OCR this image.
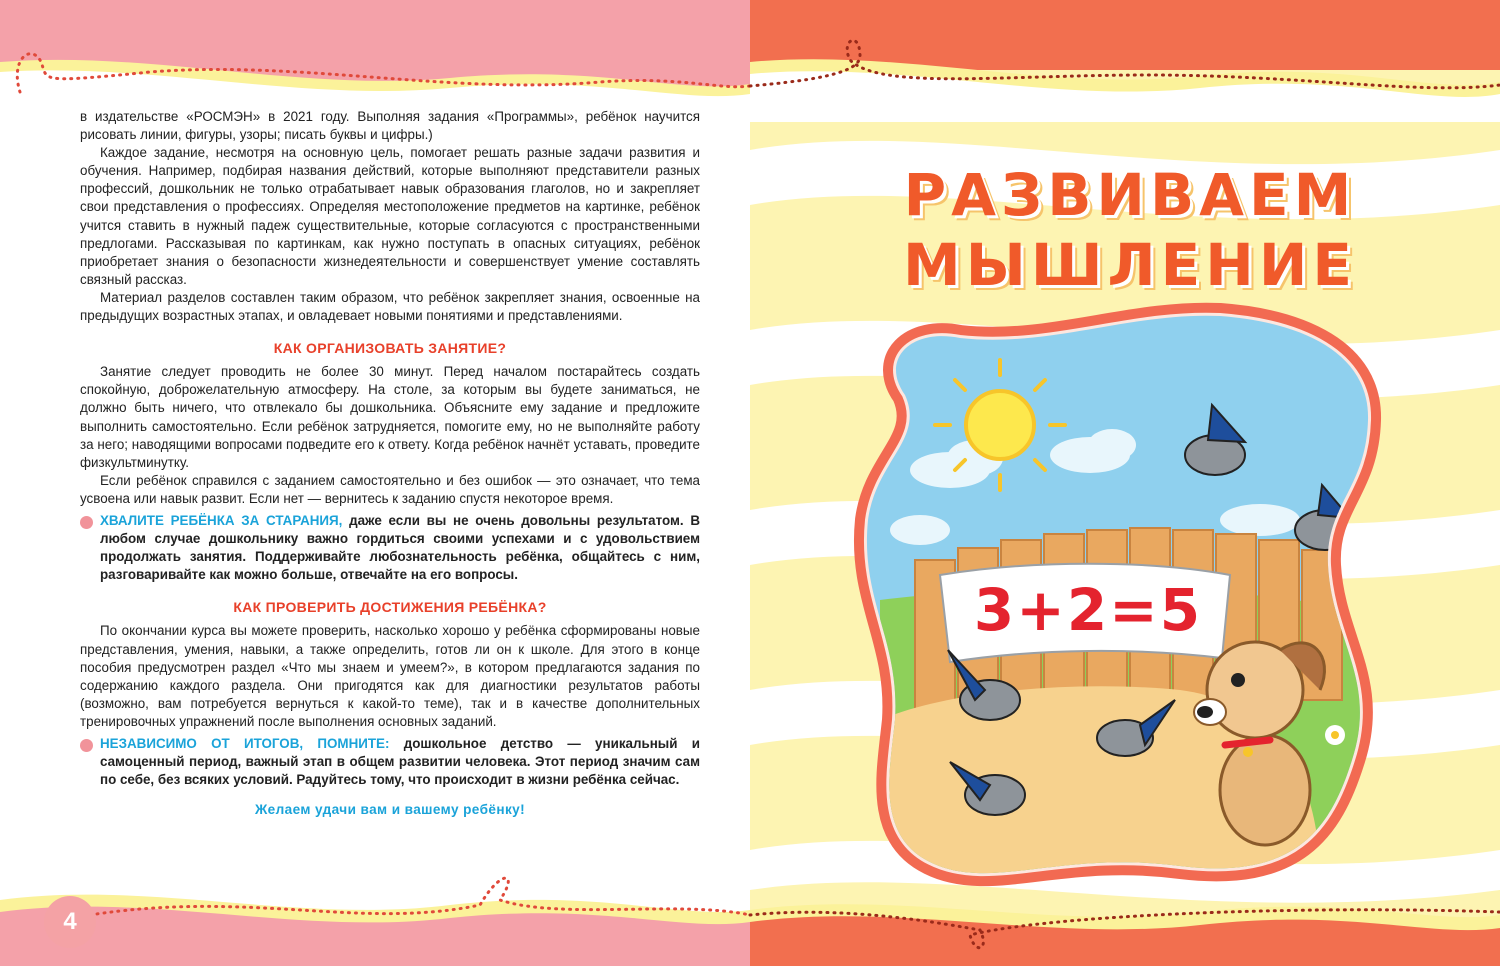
в издательстве «РОСМЭН» в 2021 году. Выполняя задания «Программы», ребёнок научится рисовать линии, фигуры, узоры; писать буквы и цифры.)

Каждое задание, несмотря на основную цель, помогает решать разные задачи развития и обучения. Например, подбирая названия действий, которые выполняют представители разных профессий, дошкольник не только отрабатывает навык образования глаголов, но и закрепляет свои представления о профессиях. Определяя местоположение предметов на картинке, ребёнок учится ставить в нужный падеж существительные, которые согласуются с пространственными предлогами. Рассказывая по картинкам, как нужно поступать в опасных ситуациях, ребёнок приобретает знания о безопасности жизнедеятельности и совершенствует умение составлять связный рассказ.

Материал разделов составлен таким образом, что ребёнок закрепляет знания, освоенные на предыдущих возрастных этапах, и овладевает новыми понятиями и представлениями.

КАК ОРГАНИЗОВАТЬ ЗАНЯТИЕ?

Занятие следует проводить не более 30 минут. Перед началом постарайтесь создать спокойную, доброжелательную атмосферу. На столе, за которым вы будете заниматься, не должно быть ничего, что отвлекало бы дошкольника. Объясните ему задание и предложите выполнить самостоятельно. Если ребёнок затрудняется, помогите ему, но не выполняйте работу за него; наводящими вопросами подведите его к ответу. Когда ребёнок начнёт уставать, проведите физкультминутку.

Если ребёнок справился с заданием самостоятельно и без ошибок — это означает, что тема усвоена или навык развит. Если нет — вернитесь к заданию спустя некоторое время.

ХВАЛИТЕ РЕБЁНКА ЗА СТАРАНИЯ, даже если вы не очень довольны результатом. В любом случае дошкольнику важно гордиться своими успехами и с удовольствием продолжать занятия. Поддерживайте любознательность ребёнка, общайтесь с ним, разговаривайте как можно больше, отвечайте на его вопросы.
КАК ПРОВЕРИТЬ ДОСТИЖЕНИЯ РЕБЁНКА?

По окончании курса вы можете проверить, насколько хорошо у ребёнка сформированы новые представления, умения, навыки, а также определить, готов ли он к школе. Для этого в конце пособия предусмотрен раздел «Что мы знаем и умеем?», в котором предлагаются задания по содержанию каждого раздела. Они пригодятся как для диагностики результатов работы (возможно, вам потребуется вернуться к какой-то теме), так и в качестве дополнительных тренировочных упражнений после выполнения основных заданий.

НЕЗАВИСИМО ОТ ИТОГОВ, ПОМНИТЕ: дошкольное детство — уникальный и самоценный период, важный этап в общем развитии человека. Этот период значим сам по себе, без всяких условий. Радуйтесь тому, что происходит в жизни ребёнка сейчас.
Желаем удачи вам и вашему ребёнку!
4
РАЗВИВАЕМ
МЫШЛЕНИЕ
3+2=5
